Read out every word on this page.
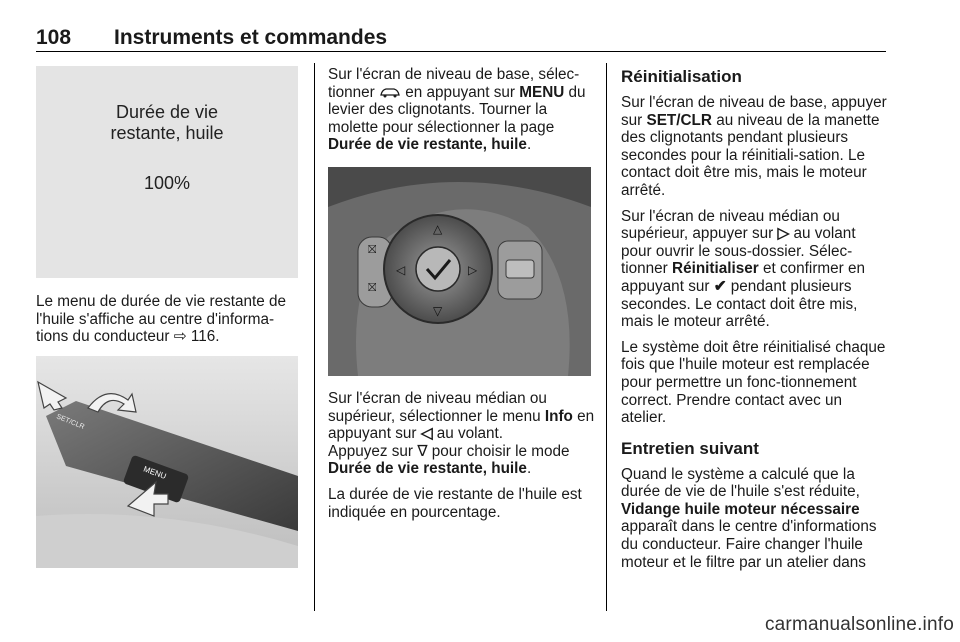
108 Instruments et commandes
Durée de vie
restante, huile
100%

Le menu de durée de vie restante de l'huile s'affiche au centre d'informa-tions du conducteur ⇨ 116.

MENU
SET/CLR

Sur l'écran de niveau de base, sélec-tionner en appuyant sur MENU du levier des clignotants. Tourner la molette pour sélectionner la page Durée de vie restante, huile.

⛝
⛝
△
▽
◁	▷

Sur l'écran de niveau médian ou supérieur, sélectionner le menu Info en appuyant sur ◁ au volant.
Appuyez sur ∇ pour choisir le mode Durée de vie restante, huile.

La durée de vie restante de l'huile est indiquée en pourcentage.

Réinitialisation

Sur l'écran de niveau de base, appuyer sur SET/CLR au niveau de la manette des clignotants pendant plusieurs secondes pour la réinitiali-sation. Le contact doit être mis, mais le moteur arrêté.

Sur l'écran de niveau médian ou supérieur, appuyer sur ▷ au volant pour ouvrir le sous-dossier. Sélec-tionner Réinitialiser et confirmer en appuyant sur ✔ pendant plusieurs secondes. Le contact doit être mis, mais le moteur arrêté.

Le système doit être réinitialisé chaque fois que l'huile moteur est remplacée pour permettre un fonc-tionnement correct. Prendre contact avec un atelier.

Entretien suivant

Quand le système a calculé que la durée de vie de l'huile s'est réduite, Vidange huile moteur nécessaire apparaît dans le centre d'informations du conducteur. Faire changer l'huile moteur et le filtre par un atelier dans

carmanualsonline.info
